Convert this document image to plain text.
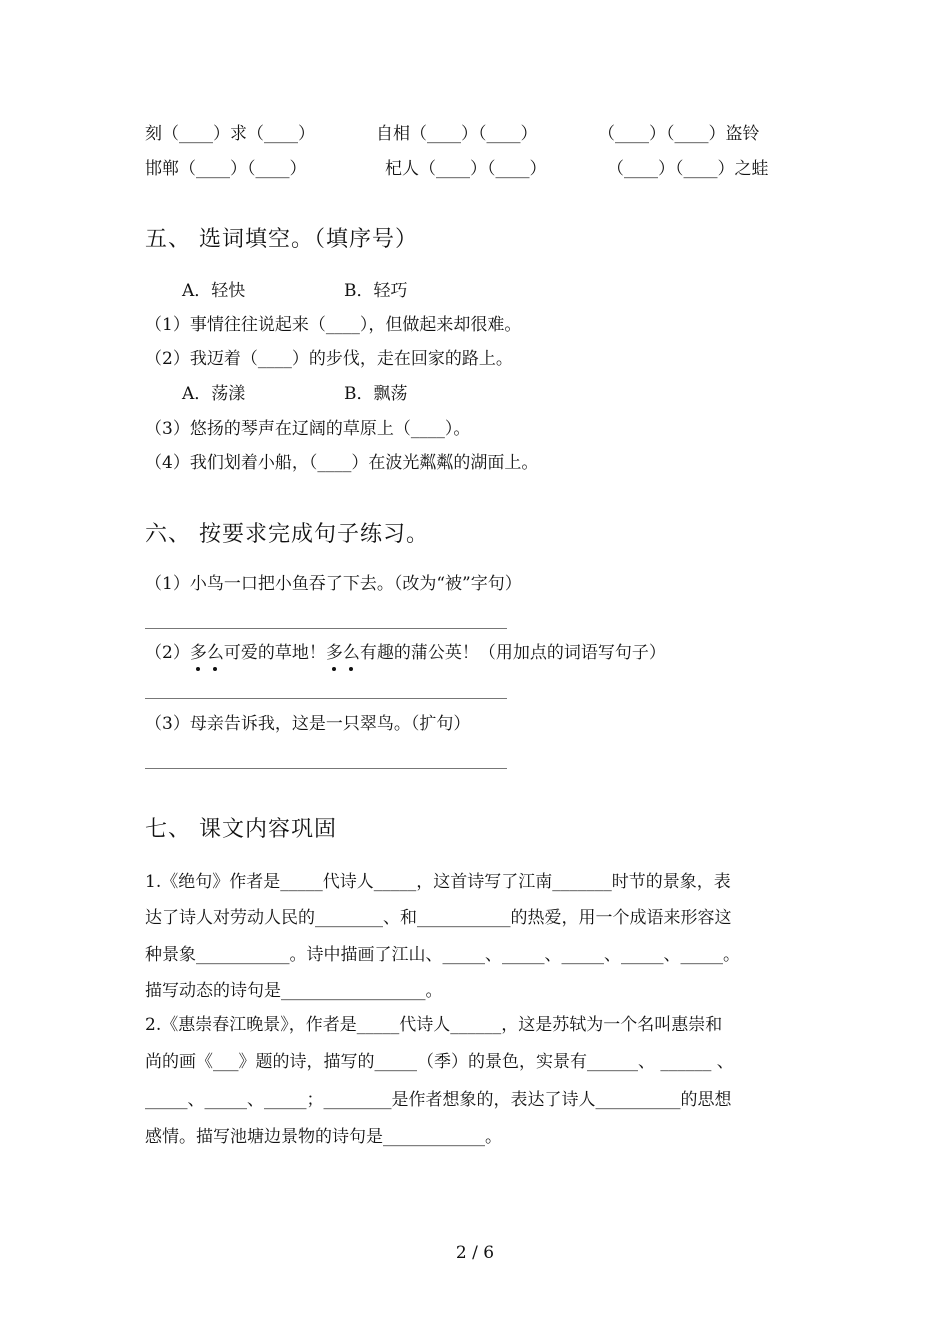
刻（____）求（____）	自相（____）（____）	（____）（____）盗铃
邯郸（____）（____）	杞人（____）（____）	（____）（____）之蛙
五、 选词填空。（填序号）
A．轻快	B．轻巧
（1）事情往往说起来（____），但做起来却很难。
（2）我迈着（____）的步伐，走在回家的路上。
A．荡漾	B．飘荡
（3）悠扬的琴声在辽阔的草原上（____）。
（4）我们划着小船，（____）在波光粼粼的湖面上。
六、 按要求完成句子练习。
（1）小鸟一口把小鱼吞了下去。（改为“被”字句）
（2）多么可爱的草地！多么有趣的蒲公英！（用加点的词语写句子）
（3）母亲告诉我，这是一只翠鸟。（扩句）
七、 课文内容巩固
1.《绝句》作者是_____代诗人_____，这首诗写了江南_______时节的景象，表
达了诗人对劳动人民的________、和___________的热爱，用一个成语来形容这
种景象___________。诗中描画了江山、_____、_____、_____、_____、_____。
描写动态的诗句是_________________。
2.《惠崇春江晚景》，作者是_____代诗人______，这是苏轼为一个名叫惠崇和
尚的画《___》题的诗，描写的_____（季）的景色，实景有______、 ______ 、
_____、_____、_____；________是作者想象的，表达了诗人__________的思想
感情。描写池塘边景物的诗句是____________。
2 / 6
